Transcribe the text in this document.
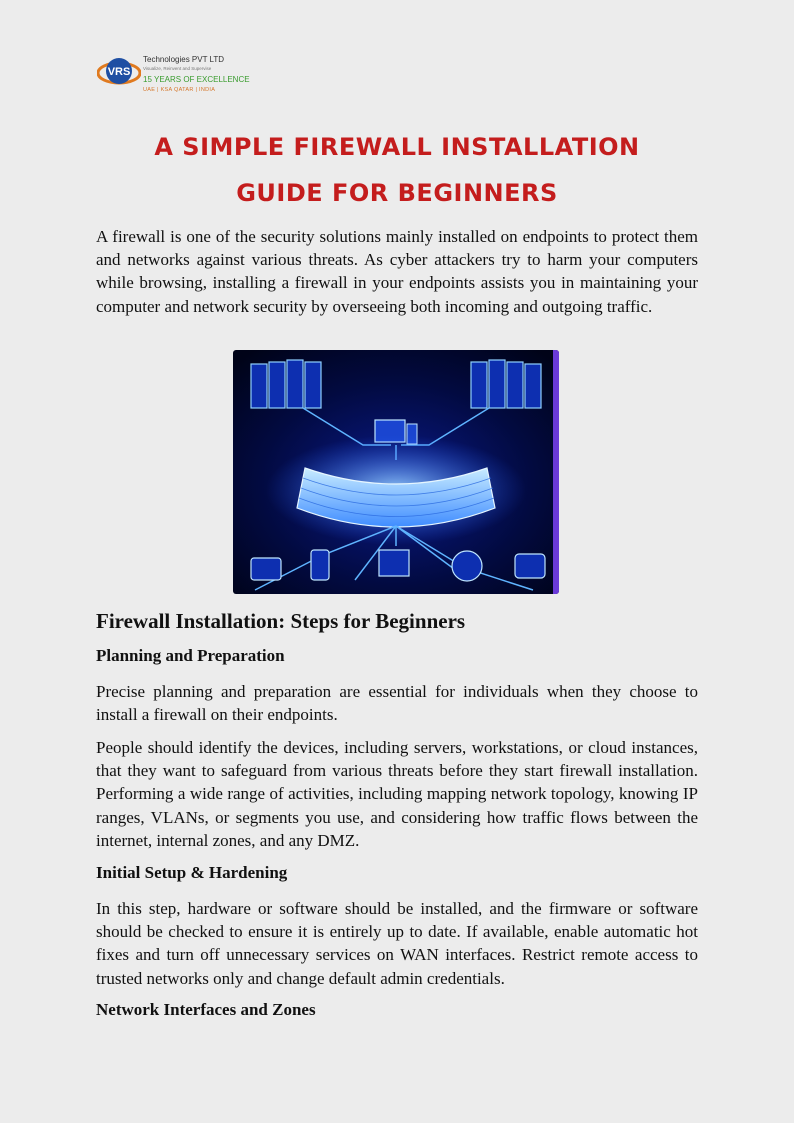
VRS
Technologies PVT LTD
Visualize, Reinvent and Supervise
15 YEARS OF EXCELLENCE
UAE | KSA QATAR | INDIA
A SIMPLE FIREWALL INSTALLATION
GUIDE FOR BEGINNERS

A firewall is one of the security solutions mainly installed on endpoints to protect them and networks against various threats. As cyber attackers try to harm your computers while browsing, installing a firewall in your endpoints assists you in maintaining your computer and network security by overseeing both incoming and outgoing traffic.

Firewall Installation: Steps for Beginners
Planning and Preparation

Precise planning and preparation are essential for individuals when they choose to install a firewall on their endpoints.

People should identify the devices, including servers, workstations, or cloud instances, that they want to safeguard from various threats before they start firewall installation. Performing a wide range of activities, including mapping network topology, knowing IP ranges, VLANs, or segments you use, and considering how traffic flows between the internet, internal zones, and any DMZ.

Initial Setup & Hardening

In this step, hardware or software should be installed, and the firmware or software should be checked to ensure it is entirely up to date. If available, enable automatic hot fixes and turn off unnecessary services on WAN interfaces. Restrict remote access to trusted networks only and change default admin credentials.

Network Interfaces and Zones
